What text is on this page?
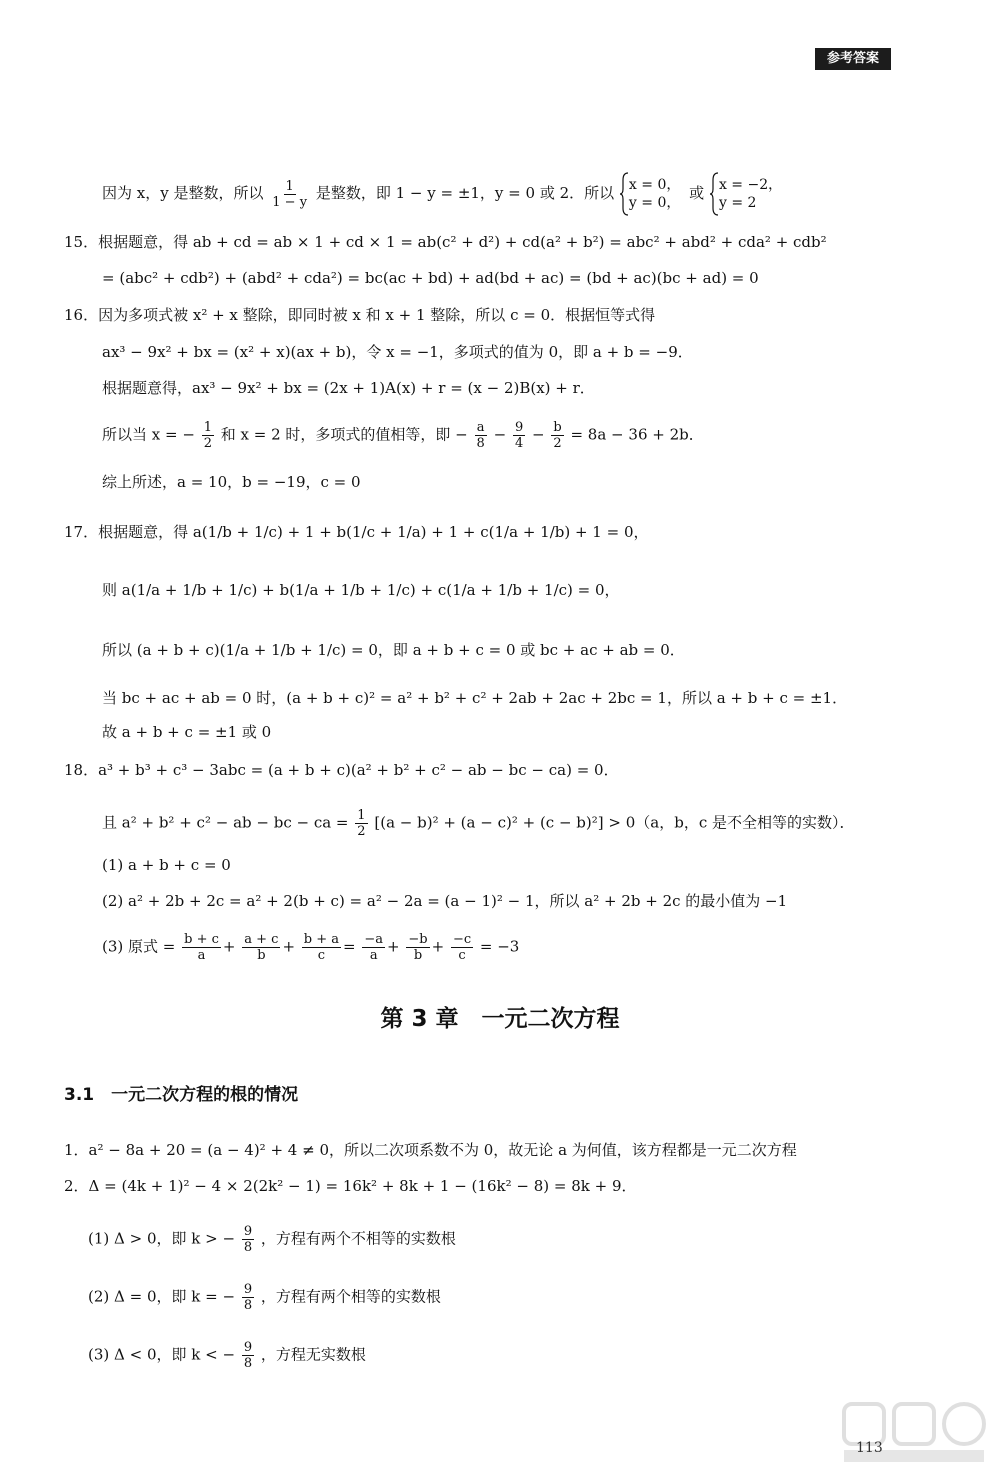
参考答案
因为 x，y 是整数，所以 $\frac{1}{1 - y}$ 是整数，即 1 − y = ±1，y = 0 或 2．所以 x = 0，
y = 0，
或 x = −2，
y = 2
15．根据题意，得 ab + cd = ab × 1 + cd × 1 = ab(c² + d²) + cd(a² + b²) = abc² + abd² + cda² + cdb²
= (abc² + cdb²) + (abd² + cda²) = bc(ac + bd) + ad(bd + ac) = (bd + ac)(bc + ad) = 0
16．因为多项式被 x² + x 整除，即同时被 x 和 x + 1 整除，所以 c = 0．根据恒等式得
ax³ − 9x² + bx = (x² + x)(ax + b)，令 x = −1，多项式的值为 0，即 a + b = −9．
根据题意得，ax³ − 9x² + bx = (2x + 1)A(x) + r = (x − 2)B(x) + r．
所以当 x = − $\frac{1}{2}$ 和 x = 2 时，多项式的值相等，即 − $\frac{a}{8} - \frac{9}{4} - \frac{b}{2} = 8a - 36 + 2b$．
综上所述，a = 10，b = −19，c = 0
17．根据题意，得 a(1/b + 1/c) + 1 + b(1/c + 1/a) + 1 + c(1/a + 1/b) + 1 = 0，
则 a(1/a + 1/b + 1/c) + b(1/a + 1/b + 1/c) + c(1/a + 1/b + 1/c) = 0，
所以 (a + b + c)(1/a + 1/b + 1/c) = 0，即 a + b + c = 0 或 bc + ac + ab = 0．
当 bc + ac + ab = 0 时，(a + b + c)² = a² + b² + c² + 2ab + 2ac + 2bc = 1，所以 a + b + c = ±1．
故 a + b + c = ±1 或 0
18．a³ + b³ + c³ − 3abc = (a + b + c)(a² + b² + c² − ab − bc − ca) = 0．
且 a² + b² + c² − ab − bc − ca = $\frac{1}{2} [(a - b)^2 + (a - c)^2 + (c - b)^2] > 0(a$，b，c 是不全相等的实数）．
(1) a + b + c = 0
(2) a² + 2b + 2c = a² + 2(b + c) = a² − 2a = (a − 1)² − 1，所以 a² + 2b + 2c 的最小值为 −1
(3) 原式 = $\frac{b + c}{a} + \frac{a + c}{b} + \frac{b + a}{c} = \frac{-a}{a} + \frac{-b}{b} + \frac{-c}{c} = -3$
第 3 章　一元二次方程
3.1　一元二次方程的根的情况
1．a² − 8a + 20 = (a − 4)² + 4 ≠ 0，所以二次项系数不为 0，故无论 a 为何值，该方程都是一元二次方程
2．Δ = (4k + 1)² − 4 × 2(2k² − 1) = 16k² + 8k + 1 − (16k² − 8) = 8k + 9．
(1) Δ > 0，即 k > − $\frac{9}{8}$ ，方程有两个不相等的实数根
(2) Δ = 0，即 k = − $\frac{9}{8}$ ，方程有两个相等的实数根
(3) Δ < 0，即 k < − $\frac{9}{8}$ ，方程无实数根
113
